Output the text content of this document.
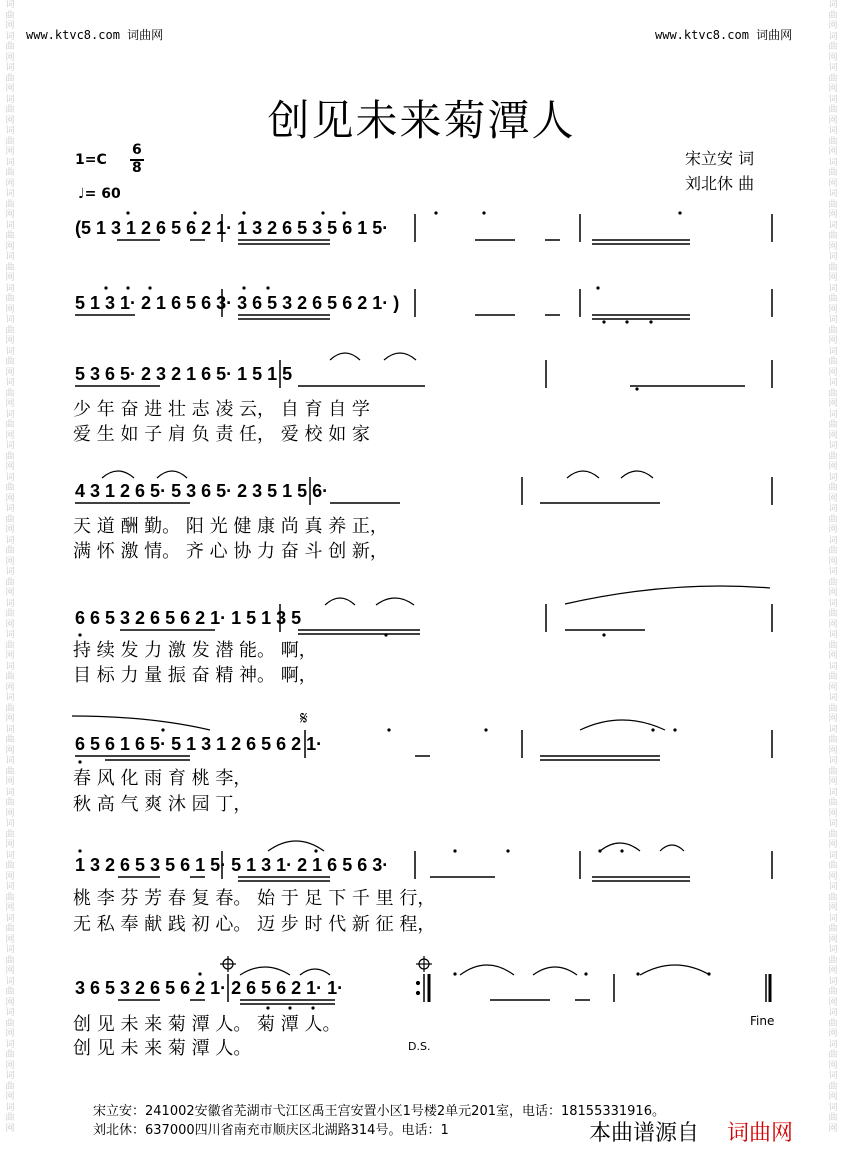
词曲网词曲网词曲网词曲网词曲网词曲网词曲网词曲网词曲网词曲网词曲网词曲网词曲网词曲网词曲网词曲网词曲网词曲网词曲网词曲网词曲网词曲网词曲网词曲网词曲网词曲网词曲网词曲网词曲网词曲网词曲网词曲网词曲网词曲网词曲网词曲网
词曲网词曲网词曲网词曲网词曲网词曲网词曲网词曲网词曲网词曲网词曲网词曲网词曲网词曲网词曲网词曲网词曲网词曲网词曲网词曲网词曲网词曲网词曲网词曲网词曲网词曲网词曲网词曲网词曲网词曲网词曲网词曲网词曲网词曲网词曲网词曲网
www.ktvc8.com 词曲网	www.ktvc8.com 词曲网
创见未来菊潭人
1=C
6
8
♩= 60
宋立安 词
刘北休 曲
(5 1 3 1 2 6 5 6 2 1· 1 3 2 6 5 3 5 6 1 5·
5 1 3 1· 2 1 6 5 6 3· 3 6 5 3 2 6 5 6 2 1· )
5 3 6 5· 2 3 2 1 6 5· 1 5 1 5
少 年 奋 进 壮 志 凌 云， 自 育 自 学
爱 生 如 子 肩 负 责 任， 爱 校 如 家
4 3 1 2 6 5· 5 3 6 5· 2 3 5 1 5 6·
天 道 酬 勤。 阳 光 健 康 尚 真 养 正，
满 怀 激 情。 齐 心 协 力 奋 斗 创 新，
6 6 5 3 2 6 5 6 2 1· 1 5 1 3 5
持 续 发 力 激 发 潜 能。 啊，
目 标 力 量 振 奋 精 神。 啊，
6 5 6 1 6 5· 5 1 3 1 2 6 5 6 2 1·
春 风 化 雨 育 桃 李，
秋 高 气 爽 沐 园 丁，
1 3 2 6 5 3 5 6 1 5· 5 1 3 1· 2 1 6 5 6 3·
桃 李 芬 芳 春 复 春。 始 于 足 下 千 里 行，
无 私 奉 献 践 初 心。 迈 步 时 代 新 征 程，
3 6 5 3 2 6 5 6 2 1· 2 6 5 6 2 1· 1·
创 见 未 来 菊 潭 人。 菊 潭 人。
创 见 未 来 菊 潭 人。
Fine
D.S.
𝄋
宋立安：241002安徽省芜湖市弋江区禹王宫安置小区1号楼2单元201室，电话：18155331916。
刘北休：637000四川省南充市顺庆区北湖路314号。电话：1	本曲谱源自 词曲网
